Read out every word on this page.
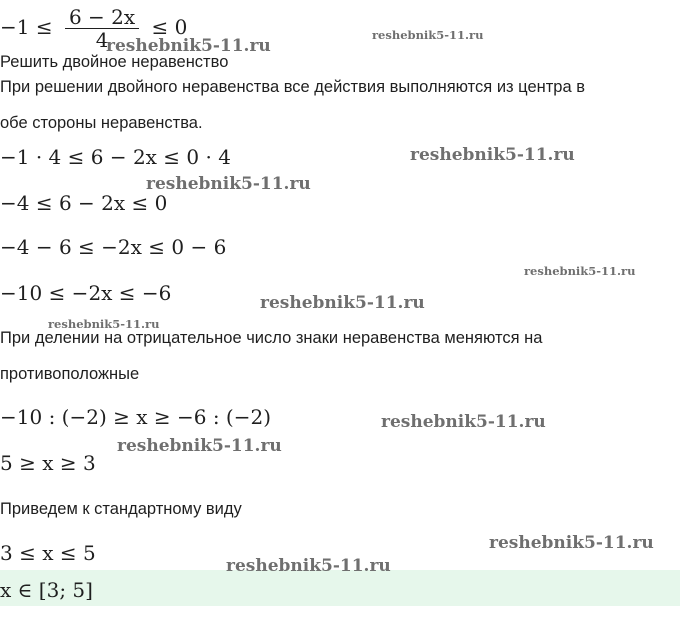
$-1 \le \frac{6 - 2x}{4} \le 0$
Решить двойное неравенство
При решении двойного неравенства все действия выполняются из центра в
обе стороны неравенства.
−1 · 4 ≤ 6 − 2x ≤ 0 · 4
−4 ≤ 6 − 2x ≤ 0
−4 − 6 ≤ −2x ≤ 0 − 6
−10 ≤ −2x ≤ −6
При делении на отрицательное число знаки неравенства меняются на
противоположные
−10 : (−2) ≥ x ≥ −6 : (−2)
5 ≥ x ≥ 3
Приведем к стандартному виду
3 ≤ x ≤ 5
x ∈ [3; 5]
reshebnik5-11.ru
reshebnik5-11.ru
reshebnik5-11.ru
reshebnik5-11.ru
reshebnik5-11.ru
reshebnik5-11.ru
reshebnik5-11.ru
reshebnik5-11.ru
reshebnik5-11.ru
reshebnik5-11.ru
reshebnik5-11.ru
